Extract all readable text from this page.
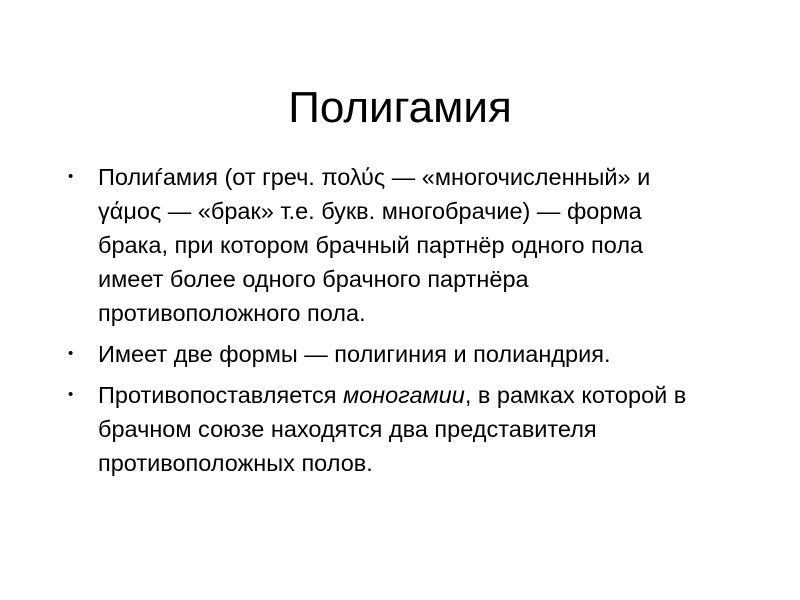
Полигамия
• Полиѓамия (от греч. πολύς — «многочисленный» и γάμος — «брак» т.е. букв. многобрачие) — форма брака, при котором брачный партнёр одного пола имеет более одного брачного партнёра противоположного пола.
• Имеет две формы — полигиния и полиандрия.
• Противопоставляется моногамии, в рамках которой в брачном союзе находятся два представителя противоположных полов.
